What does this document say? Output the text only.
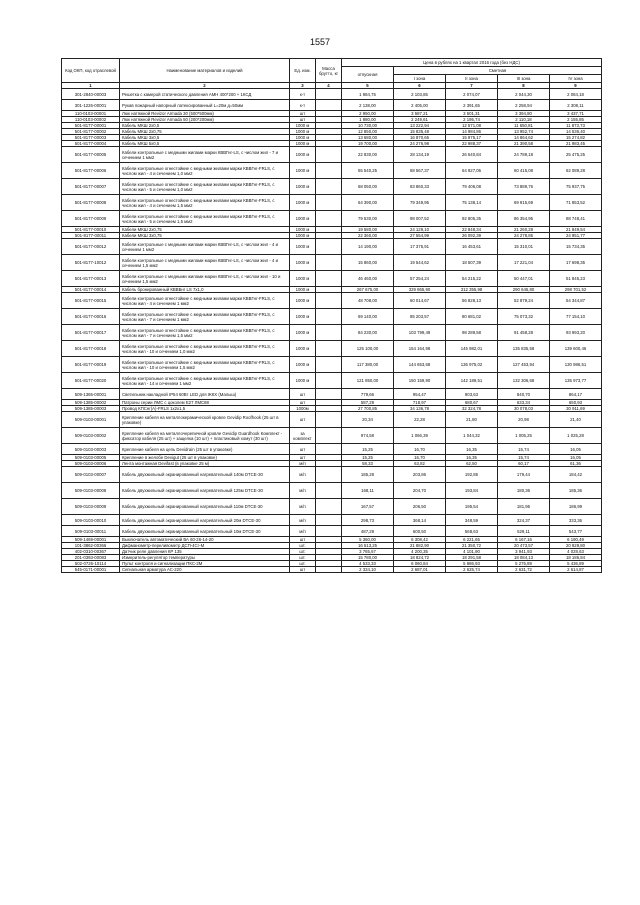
1557
Код ОКП, код отраслевой	Наименование материалов и изделий	Ед. изм.	Масса брутто, кг	Цена в рублях на 1 квартал 2016 года (без НДС)				
				отпускная	Сметная			
					I зона	II зона	III зона	IV зона
1	2	3	4	5	6	7	8	9
301-2840-00003	Решетка с камерой статического давления АМН 400*200 + 1КСД	к-т		1 984,75	2 103,85	2 074,07	2 044,30	2 084,18
301-1226-00001	Рукав пожарный напорный латексированный L=20м д=50мм	к-т		2 138,00	2 405,00	2 391,65	2 258,94	2 308,11
110-0103-00001	Люк натяжной Revizor Armada 30 (500*500мм)	шт		2 950,00	3 587,21	3 501,31	3 394,80	3 437,71
110-0103-00002	Люк натяжной Revizor Armada 50 (200*200мм)	шт		1 880,00	2 249,61	2 195,74	2 110,18	2 155,85
501-8177-00001	Кабель МКШ 2х0,5	1000 м		10 730,00	13 222,94	12 571,08	11 650,81	11 873,73
501-8177-00002	Кабель МКШ 2х0,75	1000 м		12 850,00	15 835,48	14 984,86	13 952,74	14 536,40
501-8177-00003	Кабель МКШ 3х0,5	1000 м		13 680,00	16 870,65	15 975,17	14 864,62	15 274,82
501-8177-00004	Кабель МКШ 5х0,5	1000 м		19 700,00	24 276,98	22 988,37	21 390,58	21 983,45
501-8177-00005	Кабели контрольные с медными жилами марки КВВГнг-LS, с числом жил - 7 и сечением 1 мм2	1000 м		22 830,00	28 134,19	26 640,84	24 789,18	25 475,25
501-8177-00006	Кабели контрольные огнестойкие с медными жилами марки КВВГнг-FRLS, с числом жил - 4 и сечением 1,0 мм2	1000 м		55 540,25	68 567,37	64 927,06	60 415,08	62 089,28
501-8177-00007	Кабели контрольные огнестойкие с медными жилами марки КВВГнг-FRLS, с числом жил - 5 и сечением 1,0 мм2	1000 м		68 050,00	83 860,33	79 406,08	73 889,76	75 937,75
501-8177-00008	Кабели контрольные огнестойкие с медными жилами марки КВВГнг-FRLS, с числом жил - 4 и сечением 1,5 мм2	1000 м		64 390,00	79 349,95	75 138,14	69 915,69	71 853,52
501-8177-00009	Кабели контрольные огнестойкие с медными жилами марки КВВГнг-FRLS, с числом жил - 5 и сечением 1,5 мм2	1000 м		79 530,00	98 007,52	92 805,35	86 354,95	88 748,41
501-8177-00010	Кабели МКШ 2х0,75	1000 м		19 580,00	24 129,10	22 848,34	21 260,28	21 849,54
501-8177-00011	Кабели МКШ 3х0,75	1000 м		22 360,00	27 554,99	26 092,39	24 278,85	24 951,77
501-8177-00012	Кабели контрольные с медными жилами марки КВВГнг-LS, с числом жил - 4 и сечением 1 мм2	1000 м		14 190,00	17 375,91	16 453,61	15 310,01	15 734,35
501-8177-10012	Кабели контрольные с медными жилами марки КВВГнг-LS, с числом жил - 4 и сечением 1,5 мм2	1000 м		15 860,00	19 544,62	18 507,39	17 221,04	17 698,35
501-8177-00013	Кабели контрольные с медными жилами марки КВВГнг-LS, с числом жил - 10 и сечением 1,5 мм2	1000 м		46 460,00	57 254,24	54 215,22	50 447,01	51 845,23
501-8177-00014	Кабель бронированный КВВБнг LS 7х1,0	1000 м		267 675,00	329 865,90	312 355,98	290 645,80	298 701,52
501-8177-00015	Кабели контрольные огнестойкие с медными жилами марки КВВГнг-FRLS, с числом жил - 4 и сечением 1 мм2	1000 м		48 708,00	60 014,67	56 828,13	52 879,24	54 344,87
501-8177-00016	Кабели контрольные огнестойкие с медными жилами марки КВВГнг-FRLS, с числом жил - 7 и сечением 1 мм2	1000 м		69 140,00	85 203,57	80 681,02	75 073,32	77 154,10
501-8177-00017	Кабели контрольные огнестойкие с медными жилами марки КВВГнг-FRLS, с числом жил - 7 и сечением 1,5 мм2	1000 м		84 230,00	103 799,49	98 289,58	91 458,28	93 993,20
501-8177-00018	Кабели контрольные огнестойкие с медными жилами марки КВВГнг-FRLS, с числом жил - 10 и сечением 1,0 мм2	1000 м		125 100,00	154 164,98	145 982,01	135 835,58	139 600,46
501-8177-00019	Кабели контрольные огнестойкие с медными жилами марки КВВГнг-FRLS, с числом жил - 10 и сечением 1,5 мм2	1000 м		117 380,00	144 653,68	136 975,02	127 453,94	130 986,51
501-8177-00020	Кабели контрольные огнестойкие с медными жилами марки КВВГнг-FRLS, с числом жил - 14 и сечением 1 мм2	1000 м		121 850,00	150 159,90	142 189,51	132 306,68	135 973,77
509-1365-00001	Светильник накладной IP54 60Вт LED для ЖКХ (Малыш)	шт		779,66	954,47	903,63	840,70	864,17
509-1385-00002	Патроны серии ЛМС с цоколем Е27 ЛМС88	шт		587,29	718,97	680,67	633,34	650,93
509-1385-00003	Провод КПСнг(А)-FRLS 1х2х1,5	1000м		27 700,85	34 136,78	32 324,78	30 078,03	30 911,69
509-0103-00001	Крепление кабеля на металлокерамической кровле Gevidip Roofhook (25 шт в упаковке)	шт		20,34	22,28	21,80	20,98	21,40
509-0103-00002	Крепление кабеля на металлочерепичной кровле Gevidip Guardhook Комплект - фиксатор кабеля (25 шт) + защелка (10 шт) + пластиковый хомут (30 шт)	за комплект		974,58	1 066,39	1 044,32	1 005,25	1 025,28
509-0103-00003	Крепление кабеля на цепь Devidrain (25 шт в упаковке)	шт		15,25	16,70	16,35	15,74	16,05
509-0103-00005	Крепление в желобе Devigut (25 шт в упаковке)	шт		15,25	16,70	16,35	15,74	16,05
509-0103-00006	Лента монтажная Devifast (в упаковке 25 м)	м/п		58,33	63,82	62,50	60,17	61,36
509-0103-00007	Кабель двухжильный экранированный нагревательный 140м DTCE-30	м/п		185,28	203,86	192,85	179,44	184,42
509-0103-00008	Кабель двухжильный экранированный нагревательный 125м DTCE-30	м/п		168,11	204,70	193,84	180,36	185,36
509-0103-00009	Кабель двухжильный экранированный нагревательный 110м DTCE-30	м/п		167,57	206,50	195,54	181,95	186,99
509-0103-00010	Кабель двухжильный экранированный нагревательный 20м DTCE-30	м/п		298,73	368,14	348,59	324,37	333,36
509-0103-00011	Кабель двухжильный экранированный нагревательный 10м DTCE-30	м/п		487,29	600,50	568,63	529,11	543,77
509-1469-00001	Выключатель автоматический ВА 60-26-14-20	шт		5 360,00	6 308,42	6 221,65	6 167,16	6 190,49
101-3862-00366	Дифманометр-переливометр ДСП-4Сг-М	шт.		16 513,25	21 882,90	21 350,72	20 473,57	20 929,80
402-0310-00367	Датчик реле давления КР 135	шт.		3 765,67	4 200,35	4 101,90	3 941,93	4 028,63
201-0393-00083	Измеритель-регулятор температуры	шт.		15 780,00	18 824,72	18 291,58	18 084,13	18 186,84
502-0726-10114	Пульт контроля и сигнализации ПКС-2М	шт.		4 533,33	6 060,84	5 886,93	5 275,89	5 436,89
545-0171-00001	Сигнальная арматура АС-220	шт		2 334,10	2 687,01	2 625,74	2 631,72	2 614,87
